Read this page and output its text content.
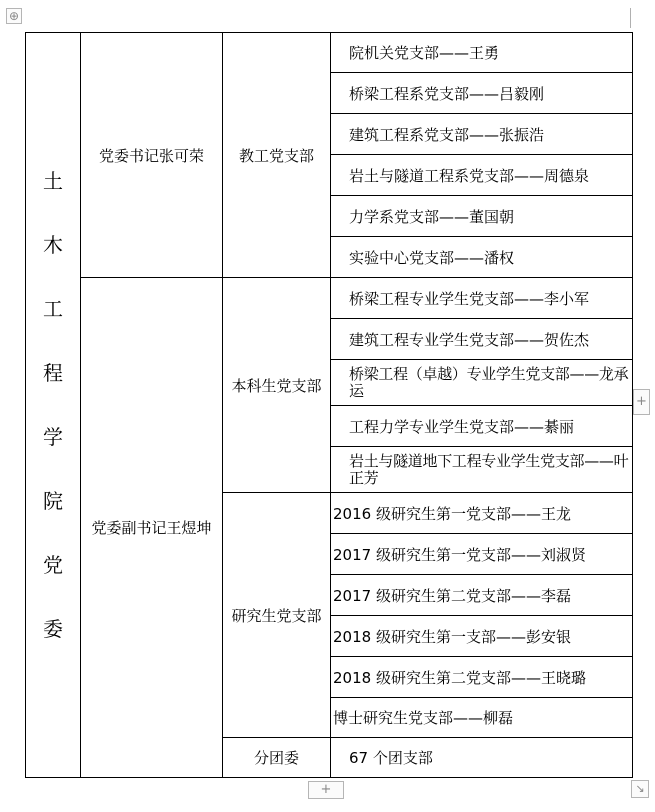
⊕
土
木
工
程
学
院
党
委
党委书记张可荣
党委副书记王煜坤
教工党支部
本科生党支部
研究生党支部
分团委
院机关党支部——王勇
桥梁工程系党支部——吕毅刚
建筑工程系党支部——张振浩
岩土与隧道工程系党支部——周德泉
力学系党支部——董国朝
实验中心党支部——潘权
桥梁工程专业学生党支部——李小军
建筑工程专业学生党支部——贺佐杰
桥梁工程（卓越）专业学生党支部——龙承运
工程力学专业学生党支部——綦丽
岩土与隧道地下工程专业学生党支部——叶正芳
2016 级研究生第一党支部——王龙
2017 级研究生第一党支部——刘淑贤
2017 级研究生第二党支部——李磊
2018 级研究生第一支部——彭安银
2018 级研究生第二党支部——王晓璐
博士研究生党支部——柳磊
67 个团支部
+
+	↘
